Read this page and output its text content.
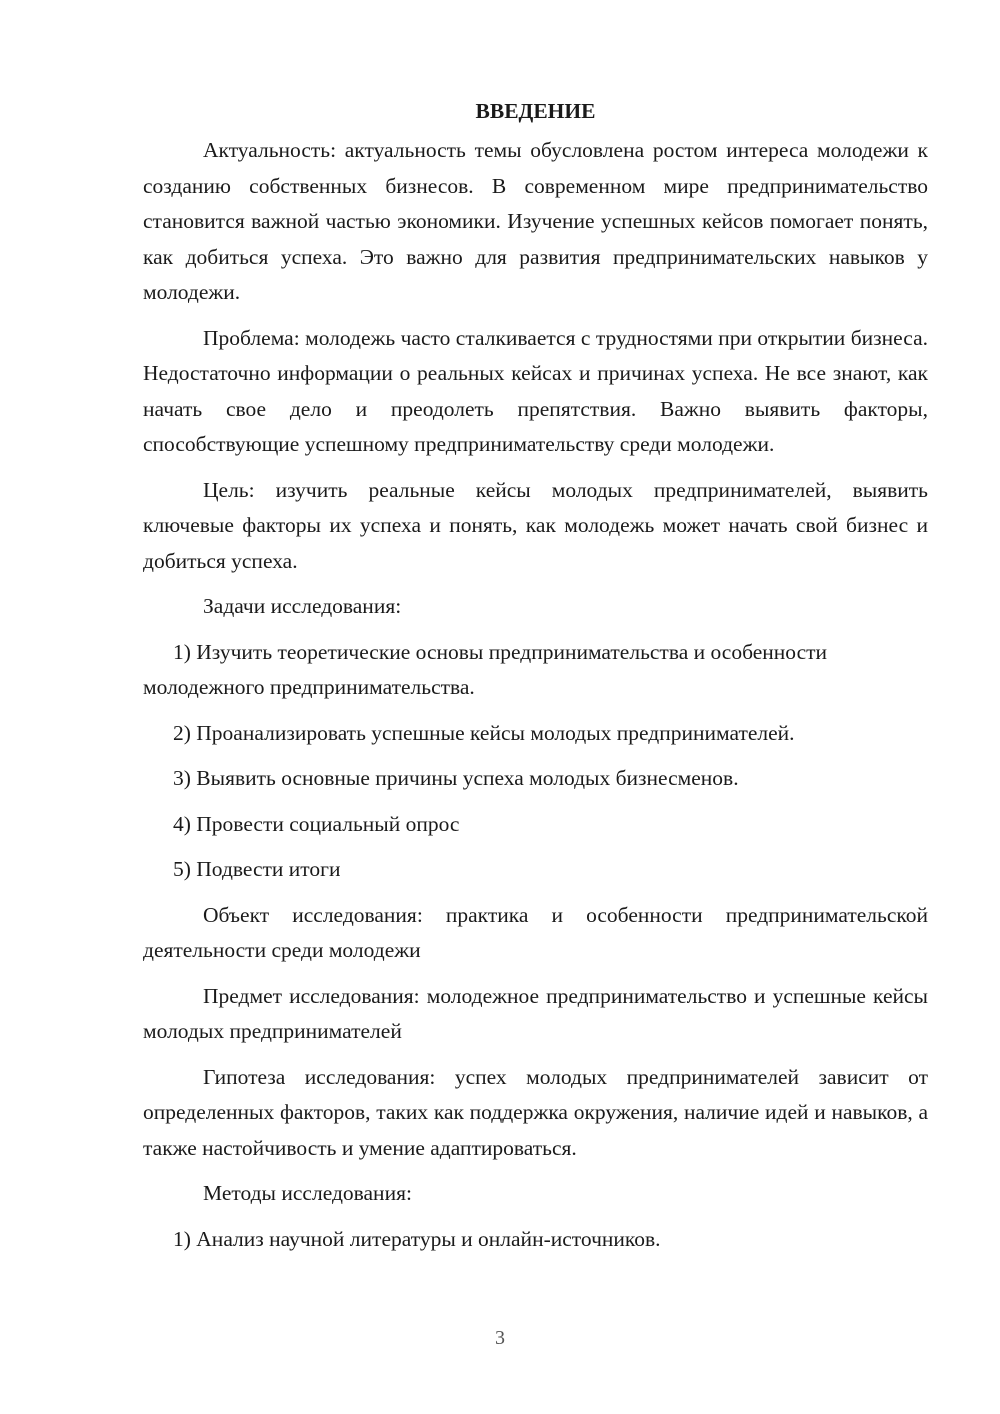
ВВЕДЕНИЕ

Актуальность: актуальность темы обусловлена ростом интереса молодежи к созданию собственных бизнесов. В современном мире предпринимательство становится важной частью экономики. Изучение успешных кейсов помогает понять, как добиться успеха. Это важно для развития предпринимательских навыков у молодежи.

Проблема: молодежь часто сталкивается с трудностями при открытии бизнеса. Недостаточно информации о реальных кейсах и причинах успеха. Не все знают, как начать свое дело и преодолеть препятствия. Важно выявить факторы, способствующие успешному предпринимательству среди молодежи.

Цель: изучить реальные кейсы молодых предпринимателей, выявить ключевые факторы их успеха и понять, как молодежь может начать свой бизнес и добиться успеха.

Задачи исследования:

1) Изучить теоретические основы предпринимательства и особенности молодежного предпринимательства.

2) Проанализировать успешные кейсы молодых предпринимателей.

3) Выявить основные причины успеха молодых бизнесменов.

4) Провести социальный опрос

5) Подвести итоги

Объект исследования: практика и особенности предпринимательской деятельности среди молодежи

Предмет исследования: молодежное предпринимательство и успешные кейсы молодых предпринимателей

Гипотеза исследования: успех молодых предпринимателей зависит от определенных факторов, таких как поддержка окружения, наличие идей и навыков, а также настойчивость и умение адаптироваться.

Методы исследования:

1) Анализ научной литературы и онлайн-источников.

3
